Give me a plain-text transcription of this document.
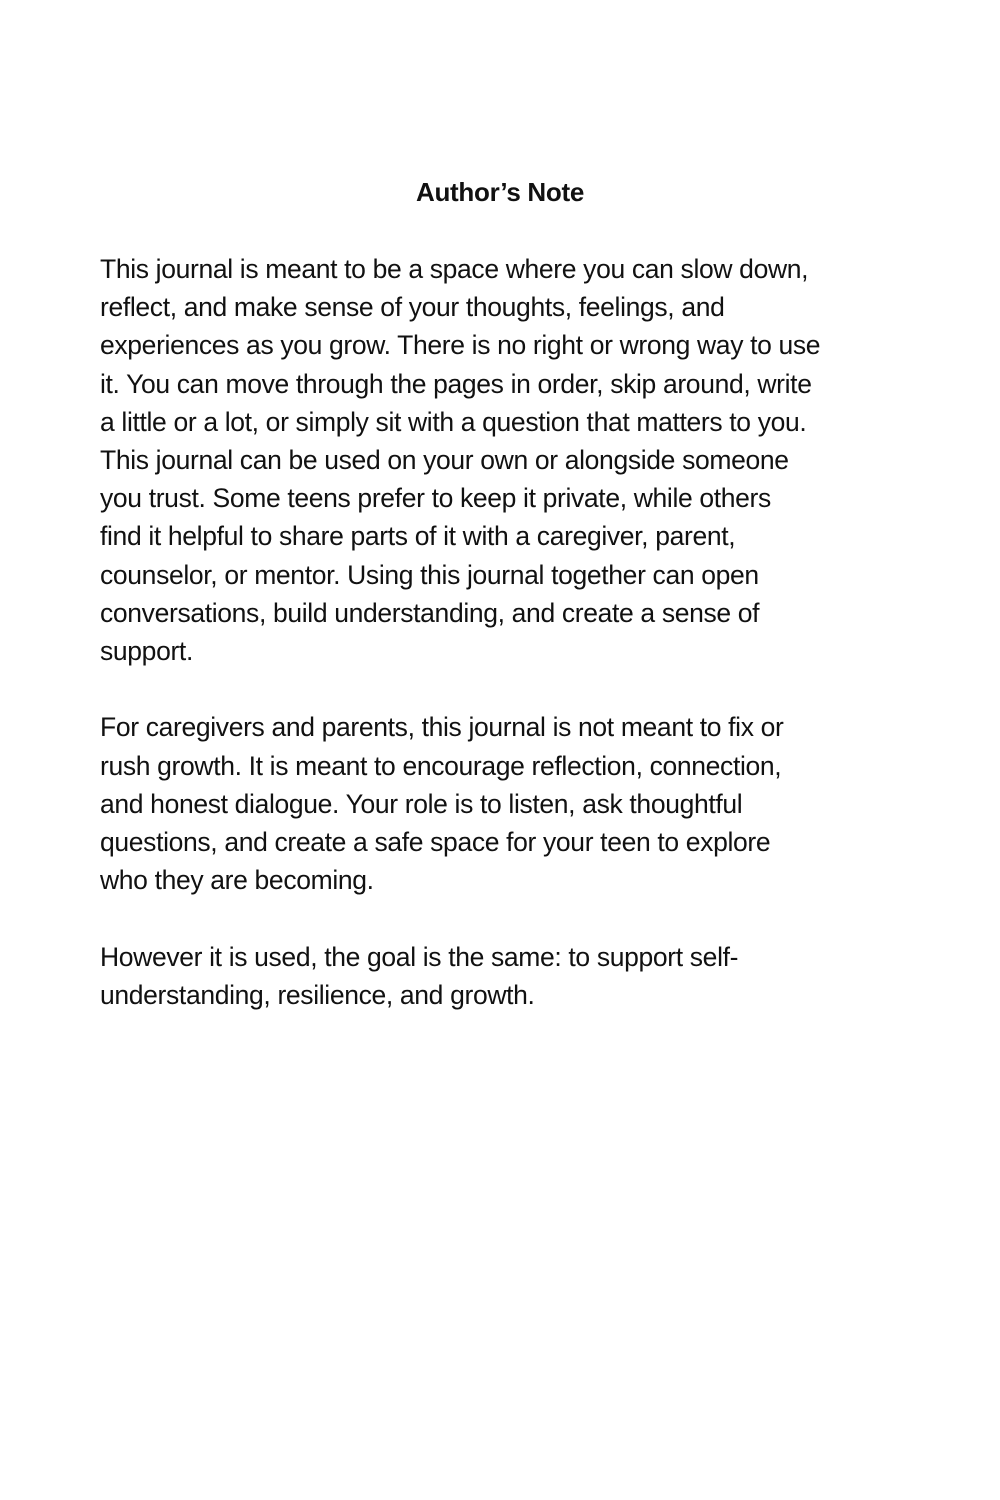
Author’s Note
This journal is meant to be a space where you can slow down,
reflect, and make sense of your thoughts, feelings, and
experiences as you grow. There is no right or wrong way to use
it. You can move through the pages in order, skip around, write
a little or a lot, or simply sit with a question that matters to you.
This journal can be used on your own or alongside someone
you trust. Some teens prefer to keep it private, while others
find it helpful to share parts of it with a caregiver, parent,
counselor, or mentor. Using this journal together can open
conversations, build understanding, and create a sense of
support.
For caregivers and parents, this journal is not meant to fix or
rush growth. It is meant to encourage reflection, connection,
and honest dialogue. Your role is to listen, ask thoughtful
questions, and create a safe space for your teen to explore
who they are becoming.
However it is used, the goal is the same: to support self-
understanding, resilience, and growth.
